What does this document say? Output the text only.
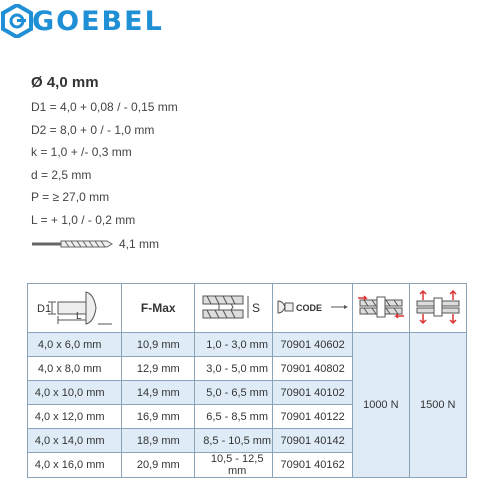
GOEBEL
Ø 4,0 mm
D1 = 4,0 + 0,08 / - 0,15 mm
D2 = 8,0 + 0 / - 1,0 mm
k = 1,0 + /- 0,3 mm
d = 2,5 mm
P = ≥ 27,0 mm
L = + 1,0 / - 0,2 mm
4,1 mm
D1
L	F-Max	S	CODE

4,0 x 6,0 mm	10,9 mm	1,0 - 3,0 mm	70901 40602	1000 N	1500 N
4,0 x 8,0 mm	12,9 mm	3,0 - 5,0 mm	70901 40802		
4,0 x 10,0 mm	14,9 mm	5,0 - 6,5 mm	70901 40102		
4,0 x 12,0 mm	16,9 mm	6,5 - 8,5 mm	70901 40122		
4,0 x 14,0 mm	18,9 mm	8,5 - 10,5 mm	70901 40142		
4,0 x 16,0 mm	20,9 mm	10,5 - 12,5 mm	70901 40162		
